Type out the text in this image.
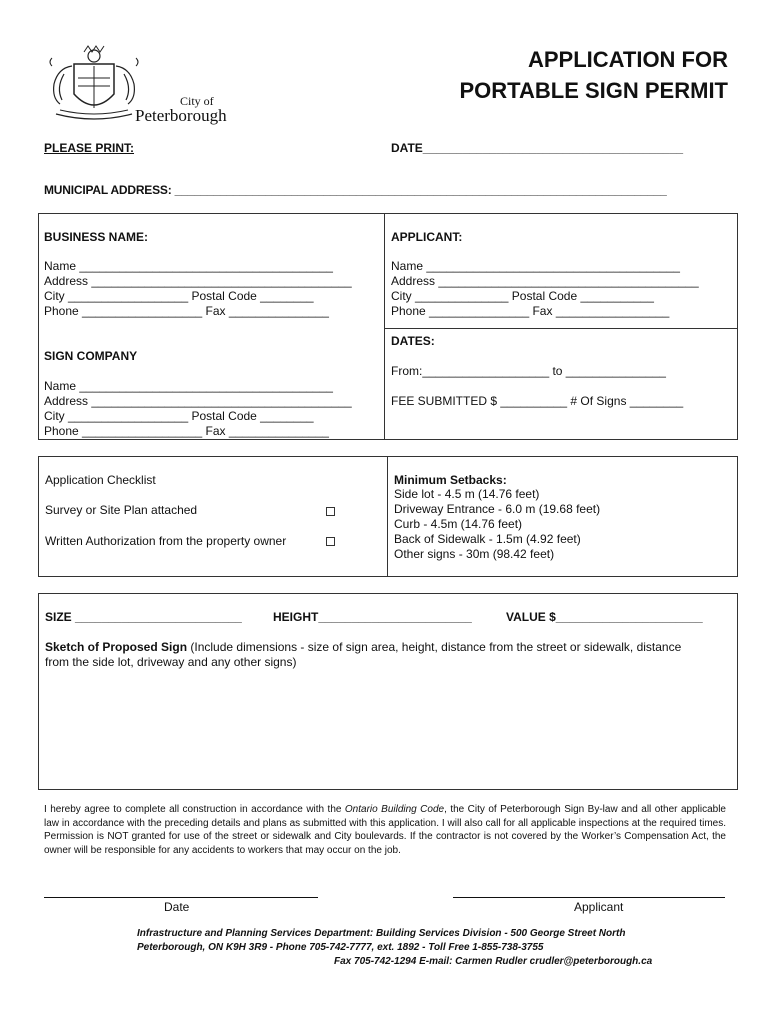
City of
Peterborough
APPLICATION FOR
PORTABLE SIGN PERMIT
PLEASE PRINT:	DATE_______________________________________
MUNICIPAL ADDRESS: ____________________________________________________________________________
BUSINESS NAME:
Name ______________________________________
Address _______________________________________
City __________________ Postal Code ________
Phone __________________ Fax _______________
APPLICANT:
Name ______________________________________
Address _______________________________________
City ______________ Postal Code ___________
Phone _______________ Fax _________________
SIGN COMPANY
Name ______________________________________
Address _______________________________________
City __________________ Postal Code ________
Phone __________________ Fax _______________
DATES:
From:___________________ to _______________
FEE SUBMITTED $ __________ # Of Signs ________
Application Checklist
Survey or Site Plan attached
Written Authorization from the property owner
Minimum Setbacks:
Side lot - 4.5 m (14.76 feet)
Driveway Entrance - 6.0 m (19.68 feet)
Curb - 4.5m (14.76 feet)
Back of Sidewalk - 1.5m (4.92 feet)
Other signs - 30m (98.42 feet)
SIZE _________________________	HEIGHT_______________________	VALUE $______________________
Sketch of Proposed Sign (Include dimensions - size of sign area, height, distance from the street or sidewalk, distance
from the side lot, driveway and any other signs)
I hereby agree to complete all construction in accordance with the Ontario Building Code, the City of Peterborough Sign By-law and all other applicable law in accordance with the preceding details and plans as submitted with this application. I will also call for all applicable inspections at the required times. Permission is NOT granted for use of the street or sidewalk and City boulevards. If the contractor is not covered by the Worker’s Compensation Act, the owner will be responsible for any accidents to workers that may occur on the job.
Date	Applicant
Infrastructure and Planning Services Department: Building Services Division - 500 George Street North
Peterborough, ON K9H 3R9 - Phone 705-742-7777, ext. 1892 - Toll Free 1-855-738-3755
Fax 705-742-1294 E-mail: Carmen Rudler crudler@peterborough.ca
